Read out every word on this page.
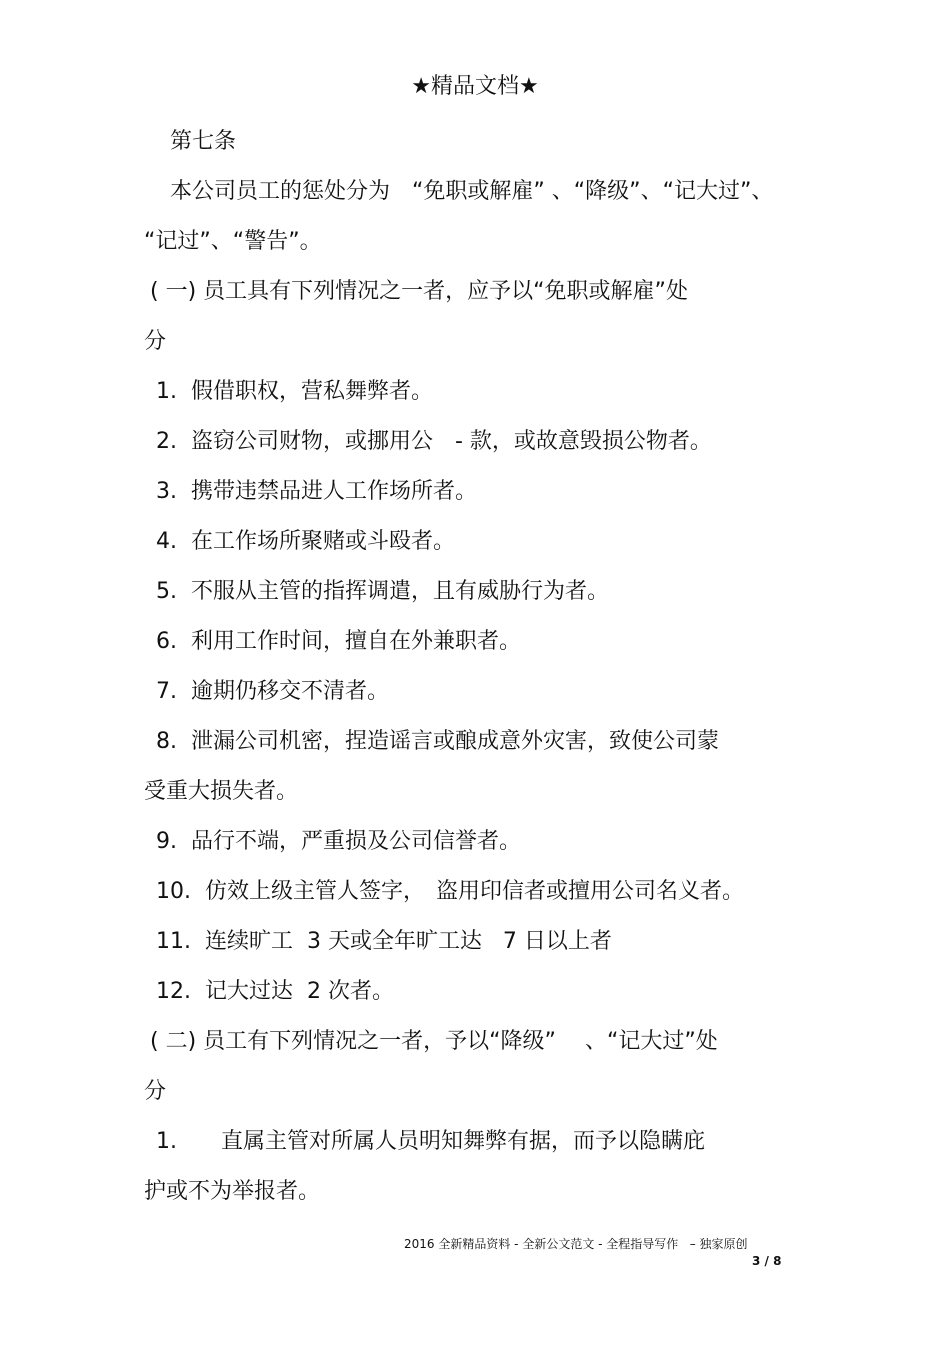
★精品文档★
第七条
本公司员工的惩处分为　“免职或解雇” 、“降级”、“记大过”、
“记过”、“警告”。
( 一) 员工具有下列情况之一者，应予以“免职或解雇”处
分
1.  假借职权，营私舞弊者。
2.  盗窃公司财物，或挪用公　- 款，或故意毁损公物者。
3.  携带违禁品进人工作场所者。
4.  在工作场所聚赌或斗殴者。
5.  不服从主管的指挥调遣，且有威胁行为者。
6.  利用工作时间，擅自在外兼职者。
7.  逾期仍移交不清者。
8.  泄漏公司机密，捏造谣言或酿成意外灾害，致使公司蒙
受重大损失者。
9.  品行不端，严重损及公司信誉者。
10.  仿效上级主管人签字，　盗用印信者或擅用公司名义者。
11.  连续旷工  3 天或全年旷工达   7 日以上者
12.  记大过达  2 次者。
( 二) 员工有下列情况之一者，予以“降级”　 、“记大过”处
分
1.　　直属主管对所属人员明知舞弊有据，而予以隐瞒庇
护或不为举报者。
2016 全新精品资料 - 全新公文范文 - 全程指导写作   – 独家原创
3 / 8
